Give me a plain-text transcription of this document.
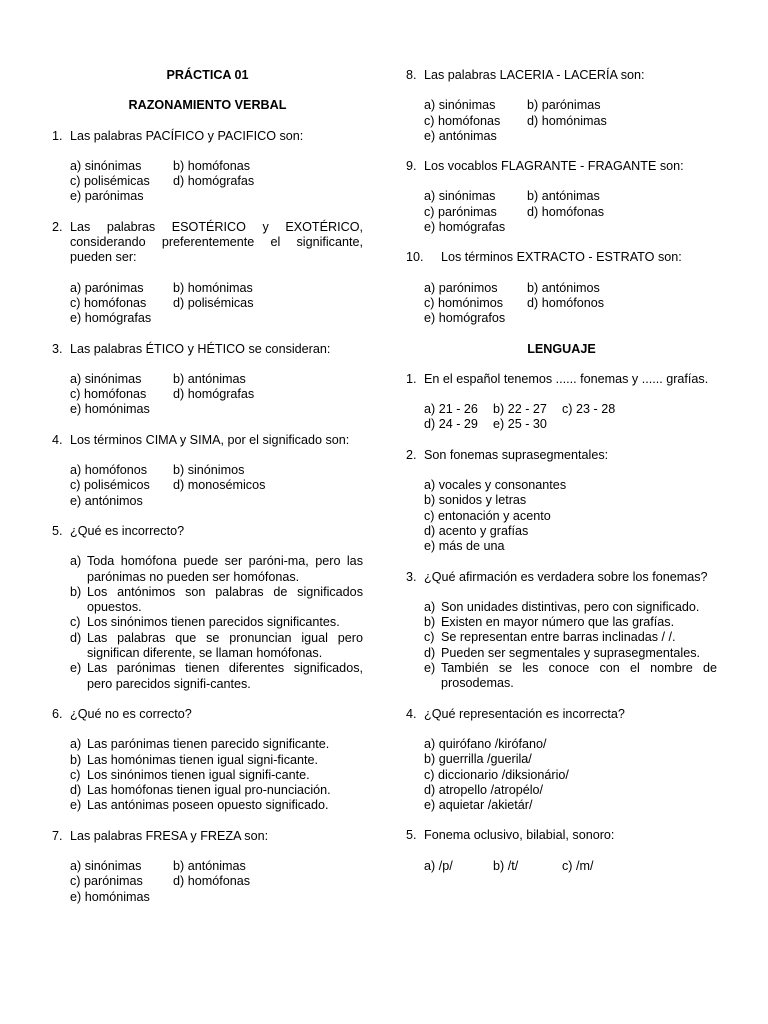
PRÁCTICA 01
RAZONAMIENTO VERBAL
1. Las palabras PACÍFICO y PACIFICO son:
a) sinónimas	b) homófonas
c) polisémicas	d) homógrafas
e) parónimas
2. Las palabras ESOTÉRICO y EXOTÉRICO, considerando preferentemente el significante, pueden ser:
a) parónimas	b) homónimas
c) homófonas	d) polisémicas
e) homógrafas
3. Las palabras ÉTICO y HÉTICO se consideran:
a) sinónimas	b) antónimas
c) homófonas	d) homógrafas
e) homónimas
4. Los términos CIMA y SIMA, por el significado son:
a) homófonos	b) sinónimos
c) polisémicos	d) monosémicos
e) antónimos
5. ¿Qué es incorrecto?
a) Toda homófona puede ser paróni-ma, pero las parónimas no pueden ser homófonas.
b) Los antónimos son palabras de significados opuestos.
c) Los sinónimos tienen parecidos significantes.
d) Las palabras que se pronuncian igual pero significan diferente, se llaman homófonas.
e) Las parónimas tienen diferentes significados, pero parecidos signifi-cantes.
6. ¿Qué no es correcto?
a) Las parónimas tienen parecido significante.
b) Las homónimas tienen igual signi-ficante.
c) Los sinónimos tienen igual signifi-cante.
d) Las homófonas tienen igual pro-nunciación.
e) Las antónimas poseen opuesto significado.
7. Las palabras FRESA y FREZA son:
a) sinónimas	b) antónimas
c) parónimas	d) homófonas
e) homónimas
8. Las palabras LACERIA - LACERÍA son:
a) sinónimas	b) parónimas
c) homófonas	d) homónimas
e) antónimas
9. Los vocablos FLAGRANTE - FRAGANTE son:
a) sinónimas	b) antónimas
c) parónimas	d) homófonas
e) homógrafas
10.	Los términos EXTRACTO - ESTRATO son:
a) parónimos	b) antónimos
c) homónimos	d) homófonos
e) homógrafos
LENGUAJE
1. En el español tenemos ...... fonemas y ...... grafías.
a) 21 - 26	b) 22 - 27	c) 23 - 28
d) 24 - 29	e) 25 - 30
2. Son fonemas suprasegmentales:
a) vocales y consonantes
b) sonidos y letras
c) entonación y acento
d) acento y grafías
e) más de una
3. ¿Qué afirmación es verdadera sobre los fonemas?
a) Son unidades distintivas, pero con significado.
b) Existen en mayor número que las grafías.
c) Se representan entre barras inclinadas / /.
d) Pueden ser segmentales y suprasegmentales.
e) También se les conoce con el nombre de prosodemas.
4. ¿Qué representación es incorrecta?
a) quirófano /kirófano/
b) guerrilla /guerila/
c) diccionario /diksionário/
d) atropello /atropélo/
e) aquietar /akietár/
5. Fonema oclusivo, bilabial, sonoro:
a) /p/	b) /t/	c) /m/
